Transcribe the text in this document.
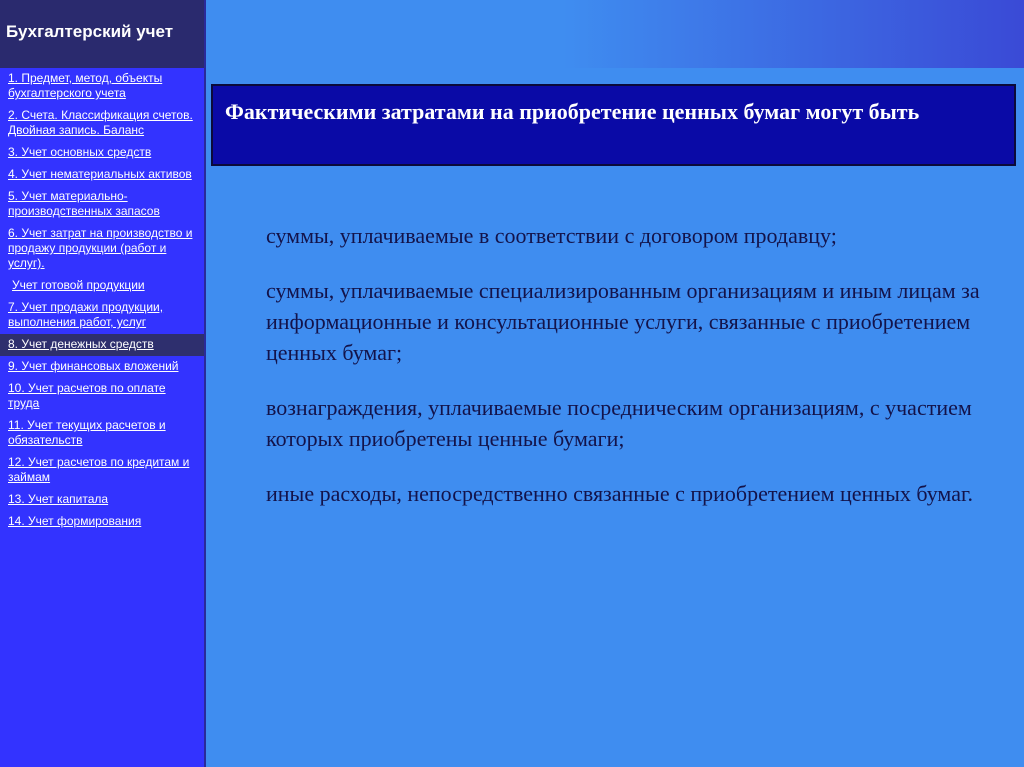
Бухгалтерский учет
1. Предмет, метод, объекты бухгалтерского учета
2. Счета. Классификация счетов. Двойная запись. Баланс
3. Учет основных средств
4. Учет нематериальных активов
5. Учет материально-производственных запасов
6. Учет затрат на производство и продажу продукции (работ и услуг).
Учет готовой продукции
7. Учет продажи продукции, выполнения работ, услуг
8. Учет денежных средств
9. Учет финансовых вложений
10. Учет расчетов по оплате труда
11. Учет текущих расчетов и обязательств
12. Учет расчетов по кредитам и займам
13. Учет капитала
14. Учет формирования
Фактическими затратами на приобретение ценных бумаг могут быть

суммы, уплачиваемые в соответствии с договором продавцу;

суммы, уплачиваемые специализированным организациям и иным лицам за информационные и консультационные услуги, связанные с приобретением ценных бумаг;

вознаграждения, уплачиваемые посредническим организациям, с участием которых приобретены ценные бумаги;

иные расходы, непосредственно связанные с приобретением ценных бумаг.
